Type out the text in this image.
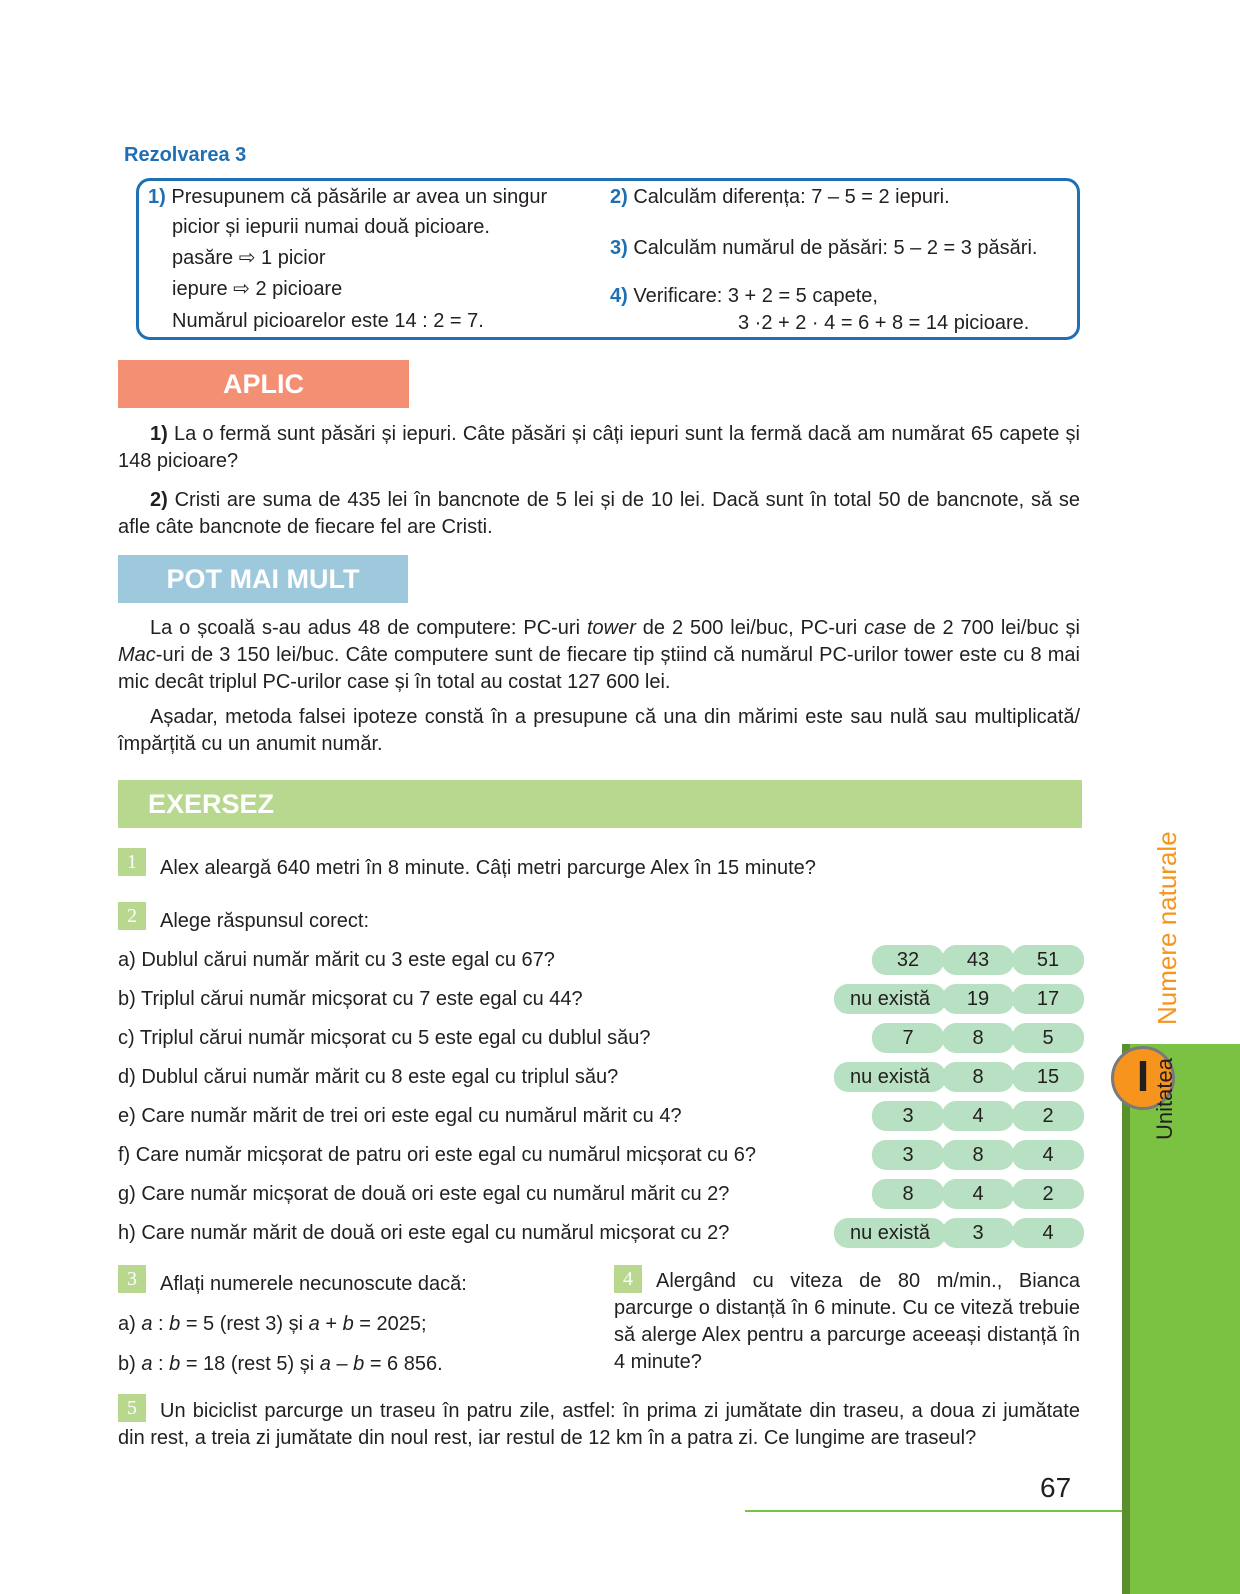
Rezolvarea 3
1) Presupunem că păsările ar avea un singur
picior și iepurii numai două picioare.
pasăre ⇨ 1 picior
iepure ⇨ 2 picioare
Numărul picioarelor este 14 : 2 = 7.
2) Calculăm diferența: 7 – 5 = 2 iepuri.
3) Calculăm numărul de păsări: 5 – 2 = 3 păsări.
4) Verificare: 3 + 2 = 5 capete,
3 ·2 + 2 · 4 = 6 + 8 = 14 picioare.
APLIC
1) La o fermă sunt păsări și iepuri. Câte păsări și câți iepuri sunt la fermă dacă am numărat 65 capete și 148 picioare?
2) Cristi are suma de 435 lei în bancnote de 5 lei și de 10 lei. Dacă sunt în total 50 de bancnote, să se afle câte bancnote de fiecare fel are Cristi.
POT MAI MULT
La o școală s-au adus 48 de computere: PC-uri tower de 2 500 lei/buc, PC-uri case de 2 700 lei/buc și Mac-uri de 3 150 lei/buc. Câte computere sunt de fiecare tip știind că numărul PC-urilor tower este cu 8 mai mic decât triplul PC-urilor case și în total au costat 127 600 lei.
Așadar, metoda falsei ipoteze constă în a presupune că una din mărimi este sau nulă sau multiplicată/ împărțită cu un anumit număr.
EXERSEZ
1	Alex aleargă 640 metri în 8 minute. Câți metri parcurge Alex în 15 minute?
2	Alege răspunsul corect:
a) Dublul cărui număr mărit cu 3 este egal cu 67?	32	43	51
b) Triplul cărui număr micșorat cu 7 este egal cu 44?	nu există	19	17
c) Triplul cărui număr micșorat cu 5 este egal cu dublul său?	7	8	5
d) Dublul cărui număr mărit cu 8 este egal cu triplul său?	nu există	8	15
e) Care număr mărit de trei ori este egal cu numărul mărit cu 4?	3	4	2
f) Care număr micșorat de patru ori este egal cu numărul micșorat cu 6?	3	8	4
g) Care număr micșorat de două ori este egal cu numărul mărit cu 2?	8	4	2
h) Care număr mărit de două ori este egal cu numărul micșorat cu 2?	nu există	3	4
3	Aflați numerele necunoscute dacă:
a) a : b = 5 (rest 3) și a + b = 2025;
b) a : b = 18 (rest 5) și a – b = 6 856.
4	Alergând cu viteza de 80 m/min., Bianca parcurge o distanță în 6 minute. Cu ce viteză trebuie să alerge Alex pentru a parcurge aceeași distanță în 4 minute?
5	Un biciclist parcurge un traseu în patru zile, astfel: în prima zi jumătate din traseu, a doua zi jumătate din rest, a treia zi jumătate din noul rest, iar restul de 12 km în a patra zi. Ce lungime are traseul?
I Unitatea
Numere naturale
67
